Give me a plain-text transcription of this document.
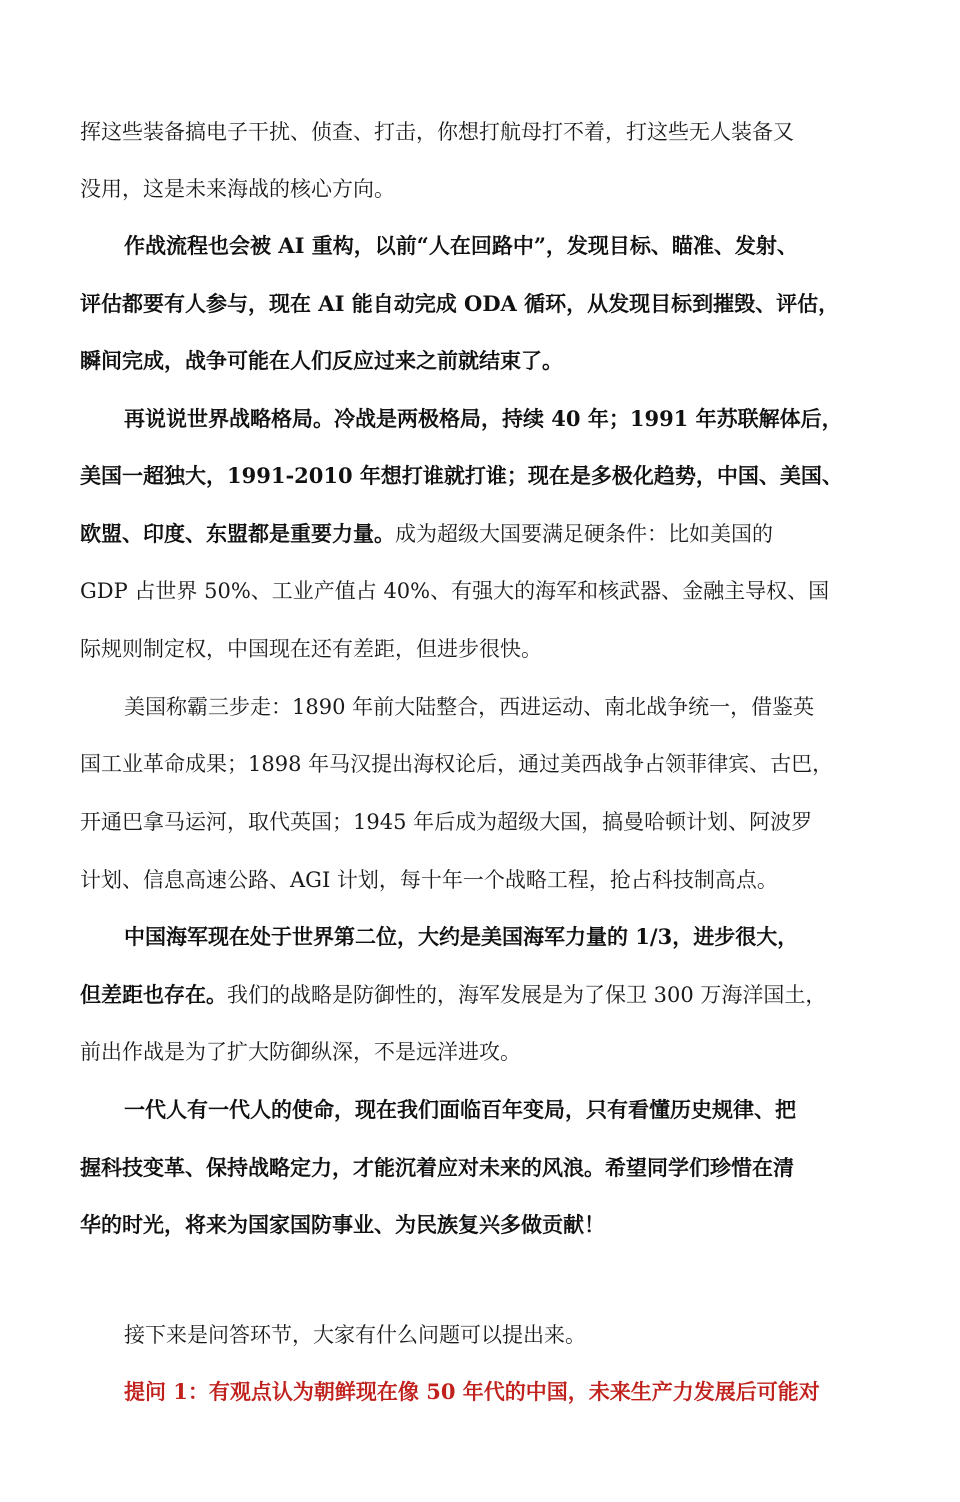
挥这些装备搞电子干扰、侦查、打击，你想打航母打不着，打这些无人装备又
没用，这是未来海战的核心方向。
作战流程也会被 AI 重构，以前“人在回路中”，发现目标、瞄准、发射、
评估都要有人参与，现在 AI 能自动完成 ODA 循环，从发现目标到摧毁、评估，
瞬间完成，战争可能在人们反应过来之前就结束了。
再说说世界战略格局。冷战是两极格局，持续 40 年；1991 年苏联解体后，
美国一超独大，1991-2010 年想打谁就打谁；现在是多极化趋势，中国、美国、
欧盟、印度、东盟都是重要力量。成为超级大国要满足硬条件：比如美国的
GDP 占世界 50%、工业产值占 40%、有强大的海军和核武器、金融主导权、国
际规则制定权，中国现在还有差距，但进步很快。
美国称霸三步走：1890 年前大陆整合，西进运动、南北战争统一，借鉴英
国工业革命成果；1898 年马汉提出海权论后，通过美西战争占领菲律宾、古巴，
开通巴拿马运河，取代英国；1945 年后成为超级大国，搞曼哈顿计划、阿波罗
计划、信息高速公路、AGI 计划，每十年一个战略工程，抢占科技制高点。
中国海军现在处于世界第二位，大约是美国海军力量的 1/3，进步很大，
但差距也存在。我们的战略是防御性的，海军发展是为了保卫 300 万海洋国土，
前出作战是为了扩大防御纵深，不是远洋进攻。
一代人有一代人的使命，现在我们面临百年变局，只有看懂历史规律、把
握科技变革、保持战略定力，才能沉着应对未来的风浪。希望同学们珍惜在清
华的时光，将来为国家国防事业、为民族复兴多做贡献！
接下来是问答环节，大家有什么问题可以提出来。
提问 1：有观点认为朝鲜现在像 50 年代的中国，未来生产力发展后可能对
